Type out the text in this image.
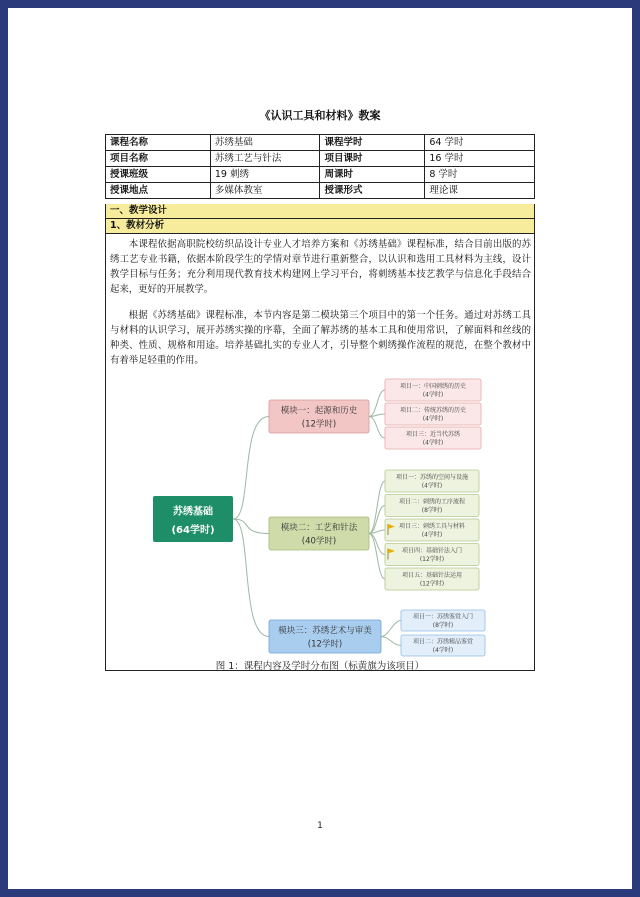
《认识工具和材料》教案
课程名称	苏绣基础	课程学时	64 学时
项目名称	苏绣工艺与针法	项目课时	16 学时
授课班级	19 刺绣	周课时	8 学时
授课地点	多媒体教室	授课形式	理论课
一、教学设计
1、教材分析

本课程依据高职院校纺织品设计专业人才培养方案和《苏绣基础》课程标准，结合目前出版的苏绣工艺专业书籍，依据本阶段学生的学情对章节进行重新整合，以认识和选用工具材料为主线，设计教学目标与任务；充分利用现代教育技术构建网上学习平台，将刺绣基本技艺教学与信息化手段结合起来，更好的开展教学。

根据《苏绣基础》课程标准，本节内容是第二模块第三个项目中的第一个任务。通过对苏绣工具与材料的认识学习，展开苏绣实操的序幕，全面了解苏绣的基本工具和使用常识，了解面料和丝线的种类、性质、规格和用途。培养基础扎实的专业人才，引导整个刺绣操作流程的规范，在整个教材中有着举足轻重的作用。

苏绣基础
(64学时)
模块一：起源和历史
(12学时)
项目一：中国刺绣的历史
(4学时)
项目二：传统苏绣的历史
(4学时)
项目三：近当代苏绣
(4学时)
模块二：工艺和针法
(40学时)
项目一：苏绣的空间与设施
(4学时)
项目二：刺绣的工序流程
(8学时)
项目三：刺绣工具与材料
(4学时)
项目四：基础针法入门
(12学时)
项目五：基础针法运用
(12学时)
模块三：苏绣艺术与审美
(12学时)
项目一：苏绣鉴赏入门
(8学时)
项目二：苏绣精品鉴赏
(4学时)
图 1：课程内容及学时分布图（标黄旗为该项目）
1
